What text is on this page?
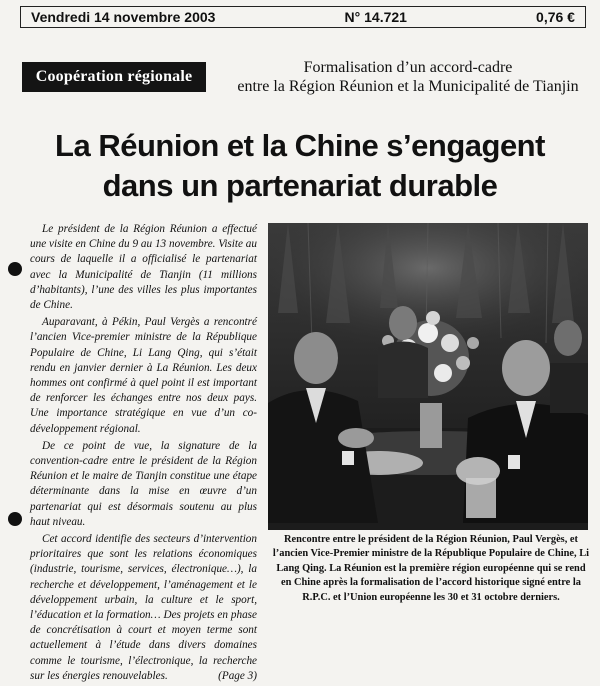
Vendredi 14 novembre 2003	N° 14.721	0,76 €
Coopération régionale
Formalisation d’un accord-cadre
entre la Région Réunion et la Municipalité de Tianjin
La Réunion et la Chine s’engagent
dans un partenariat durable

Le président de la Région Réunion a effectué une visite en Chine du 9 au 13 novembre. Visite au cours de laquelle il a officialisé le partenariat avec la Municipalité de Tianjin (11 millions d’habitants), l’une des villes les plus importantes de Chine.

Auparavant, à Pékin, Paul Vergès a rencontré l’ancien Vice-premier ministre de la République Populaire de Chine, Li Lang Qing, qui s’était rendu en janvier dernier à La Réunion. Les deux hommes ont confirmé à quel point il est important de renforcer les échanges entre nos deux pays. Une importance stratégique en vue d’un co-développement régional.

De ce point de vue, la signature de la convention-cadre entre le président de la Région Réunion et le maire de Tianjin constitue une étape déterminante dans la mise en œuvre d’un partenariat qui est désormais soutenu au plus haut niveau.

Cet accord identifie des secteurs d’intervention prioritaires que sont les relations économiques (industrie, tourisme, services, électronique…), la recherche et développement, l’aménagement et le développement urbain, la culture et le sport, l’éducation et la formation… Des projets en phase de concrétisation à court et moyen terme sont actuellement à l’étude dans divers domaines comme le tourisme, l’électronique, la recherche sur les énergies renouvelables.	(Page 3)

Rencontre entre le président de la Région Réunion, Paul Vergès, et l’ancien Vice-Premier ministre de la République Populaire de Chine, Li Lang Qing. La Réunion est la première région européenne qui se rend en Chine après la formalisation de l’accord historique signé entre la R.P.C. et l’Union européenne les 30 et 31 octobre derniers.
